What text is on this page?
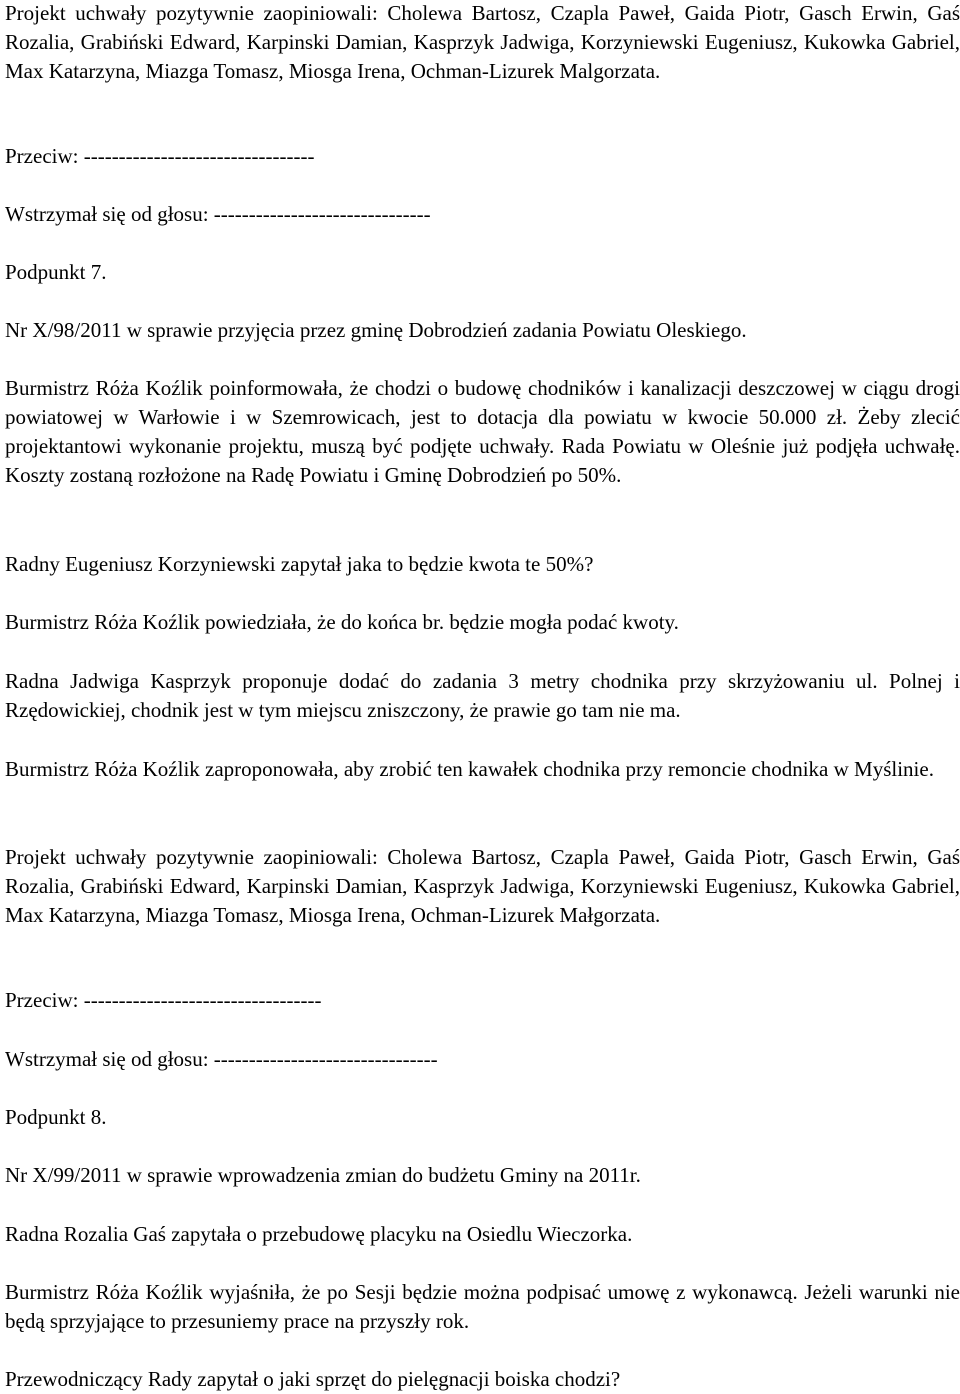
Projekt uchwały pozytywnie zaopiniowali: Cholewa Bartosz, Czapla Paweł, Gaida Piotr, Gasch Erwin, Gaś Rozalia, Grabiński Edward, Karpinski Damian, Kasprzyk Jadwiga, Korzyniewski Eugeniusz, Kukowka Gabriel, Max Katarzyna, Miazga Tomasz, Miosga Irena, Ochman-Lizurek Malgorzata.

Przeciw: ---------------------------------

Wstrzymał się od głosu: -------------------------------

Podpunkt 7.

Nr X/98/2011 w sprawie przyjęcia przez gminę Dobrodzień zadania Powiatu Oleskiego.

Burmistrz Róża Koźlik poinformowała, że chodzi o budowę chodników i kanalizacji deszczowej w ciągu drogi powiatowej w Warłowie i w Szemrowicach, jest to dotacja dla powiatu w kwocie 50.000 zł. Żeby zlecić projektantowi wykonanie projektu, muszą być podjęte uchwały. Rada Powiatu w Oleśnie już podjęła uchwałę. Koszty zostaną rozłożone na Radę Powiatu i Gminę Dobrodzień po 50%.

Radny Eugeniusz Korzyniewski zapytał jaka to będzie kwota te 50%?

Burmistrz Róża Koźlik powiedziała, że do końca br. będzie mogła podać kwoty.

Radna Jadwiga Kasprzyk proponuje dodać do zadania 3 metry chodnika przy skrzyżowaniu ul. Polnej i Rzędowickiej, chodnik jest w tym miejscu zniszczony, że prawie go tam nie ma.

Burmistrz Róża Koźlik zaproponowała, aby zrobić ten kawałek chodnika przy remoncie chodnika w Myślinie.

Projekt uchwały pozytywnie zaopiniowali: Cholewa Bartosz, Czapla Paweł, Gaida Piotr, Gasch Erwin, Gaś Rozalia, Grabiński Edward, Karpinski Damian, Kasprzyk Jadwiga, Korzyniewski Eugeniusz, Kukowka Gabriel, Max Katarzyna, Miazga Tomasz, Miosga Irena, Ochman-Lizurek Małgorzata.

Przeciw: ----------------------------------

Wstrzymał się od głosu: --------------------------------

Podpunkt 8.

Nr X/99/2011 w sprawie wprowadzenia zmian do budżetu Gminy na 2011r.

Radna Rozalia Gaś zapytała o przebudowę placyku na Osiedlu Wieczorka.

Burmistrz Róża Koźlik wyjaśniła, że po Sesji będzie można podpisać umowę z wykonawcą. Jeżeli warunki nie będą sprzyjające to przesuniemy prace na przyszły rok.

Przewodniczący Rady zapytał o jaki sprzęt do pielęgnacji boiska chodzi?
